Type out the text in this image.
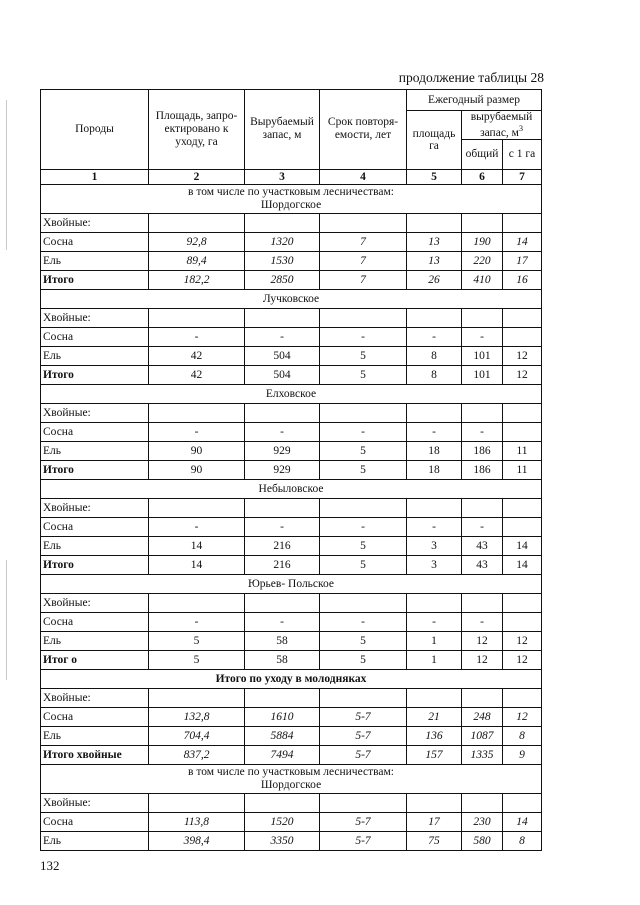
продолжение таблицы 28
Породы	Площадь, запро- ектировано к уходу, га	Вырубаемый запас, м	Срок повторя- емости, лет	Ежегодный размер		
				площадь га	вырубаемый запас, $м^3$
					общий	с 1 га
1	2	3	4	5	6	7

в том числе по участковым лесничествам:
Шордогское						

Хвойные:						
Сосна	92,8	1320	7	13	190	14
Ель	89,4	1530	7	13	220	17
Итого	182,2	2850	7	26	410	16

Лучковское						

Хвойные:						
Сосна	-	-	-	-	-	
Ель	42	504	5	8	101	12
Итого	42	504	5	8	101	12

Елховское						

Хвойные:						
Сосна	-	-	-	-	-	
Ель	90	929	5	18	186	11
Итого	90	929	5	18	186	11

Небыловское						

Хвойные:						
Сосна	-	-	-	-	-	
Ель	14	216	5	3	43	14
Итого	14	216	5	3	43	14

Юрьев- Польское						

Хвойные:						
Сосна	-	-	-	-	-	
Ель	5	58	5	1	12	12
Итог о	5	58	5	1	12	12

Итого по уходу в молодняках						

Хвойные:						
Сосна	132,8	1610	5-7	21	248	12
Ель	704,4	5884	5-7	136	1087	8
Итого хвойные	837,2	7494	5-7	157	1335	9

в том числе по участковым лесничествам:
Шордогское						

Хвойные:						
Сосна	113,8	1520	5-7	17	230	14
Ель	398,4	3350	5-7	75	580	8
132
